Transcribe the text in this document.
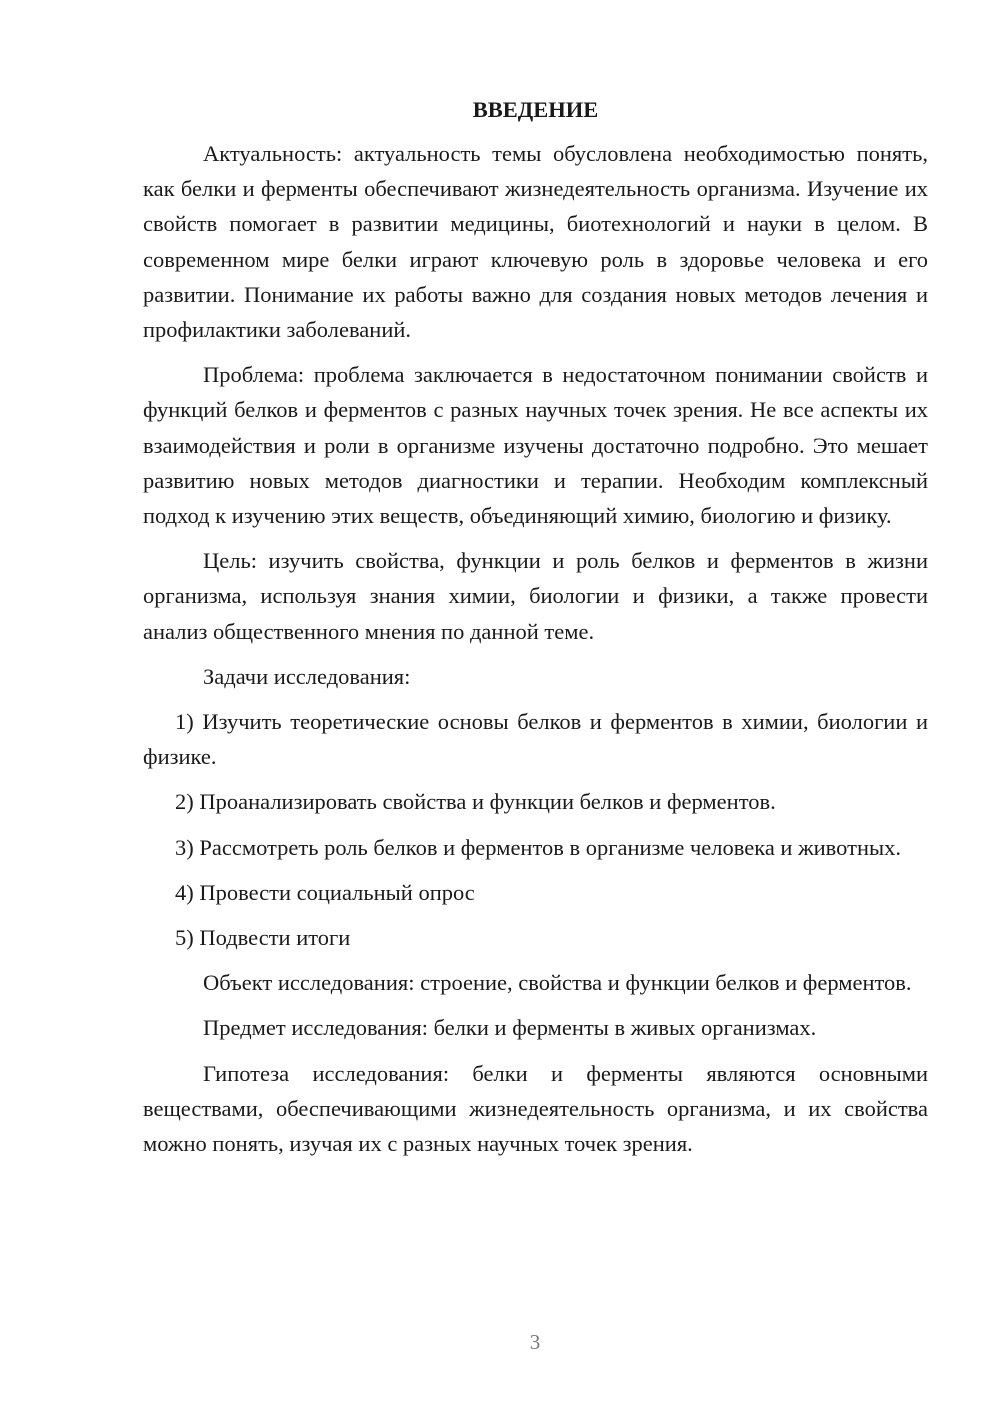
ВВЕДЕНИЕ

Актуальность: актуальность темы обусловлена необходимостью понять, как белки и ферменты обеспечивают жизнедеятельность организма. Изучение их свойств помогает в развитии медицины, биотехнологий и науки в целом. В современном мире белки играют ключевую роль в здоровье человека и его развитии. Понимание их работы важно для создания новых методов лечения и профилактики заболеваний.

Проблема: проблема заключается в недостаточном понимании свойств и функций белков и ферментов с разных научных точек зрения. Не все аспекты их взаимодействия и роли в организме изучены достаточно подробно. Это мешает развитию новых методов диагностики и терапии. Необходим комплексный подход к изучению этих веществ, объединяющий химию, биологию и физику.

Цель: изучить свойства, функции и роль белков и ферментов в жизни организма, используя знания химии, биологии и физики, а также провести анализ общественного мнения по данной теме.

Задачи исследования:

1) Изучить теоретические основы белков и ферментов в химии, биологии и физике.

2) Проанализировать свойства и функции белков и ферментов.

3) Рассмотреть роль белков и ферментов в организме человека и животных.

4) Провести социальный опрос

5) Подвести итоги

Объект исследования: строение, свойства и функции белков и ферментов.

Предмет исследования: белки и ферменты в живых организмах.

Гипотеза исследования: белки и ферменты являются основными веществами, обеспечивающими жизнедеятельность организма, и их свойства можно понять, изучая их с разных научных точек зрения.

3
